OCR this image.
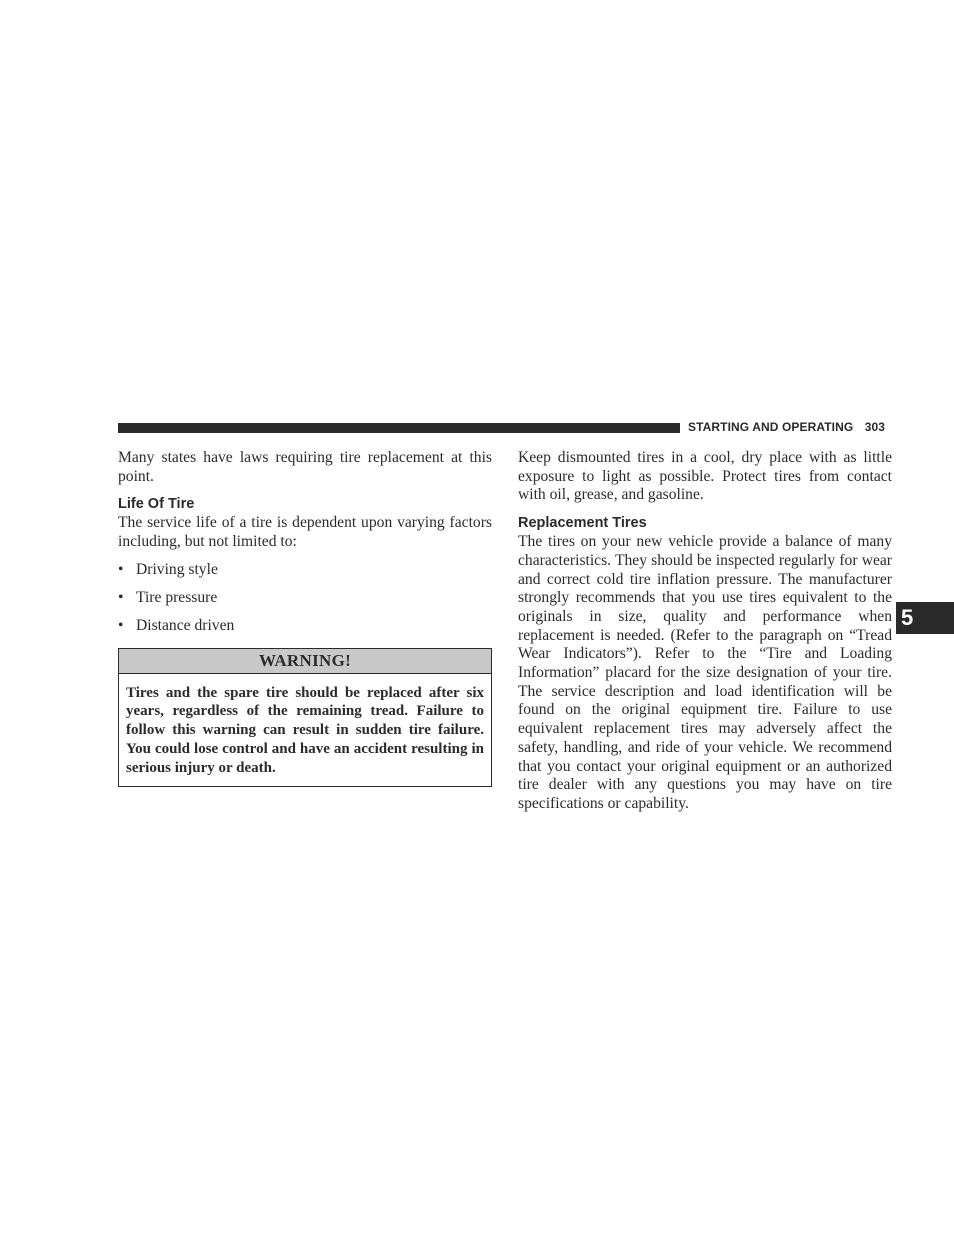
STARTING AND OPERATING 303
5

Many states have laws requiring tire replacement at this point.

Life Of Tire

The service life of a tire is dependent upon varying factors including, but not limited to:

• Driving style
• Tire pressure
• Distance driven
WARNING!
Tires and the spare tire should be replaced after six years, regardless of the remaining tread. Failure to follow this warning can result in sudden tire failure. You could lose control and have an accident resulting in serious injury or death.

Keep dismounted tires in a cool, dry place with as little exposure to light as possible. Protect tires from contact with oil, grease, and gasoline.

Replacement Tires

The tires on your new vehicle provide a balance of many characteristics. They should be inspected regularly for wear and correct cold tire inflation pressure. The manufacturer strongly recommends that you use tires equivalent to the originals in size, quality and performance when replacement is needed. (Refer to the paragraph on “Tread Wear Indicators”). Refer to the “Tire and Loading Information” placard for the size designation of your tire. The service description and load identification will be found on the original equipment tire. Failure to use equivalent replacement tires may adversely affect the safety, handling, and ride of your vehicle. We recommend that you contact your original equipment or an authorized tire dealer with any questions you may have on tire specifications or capability.
